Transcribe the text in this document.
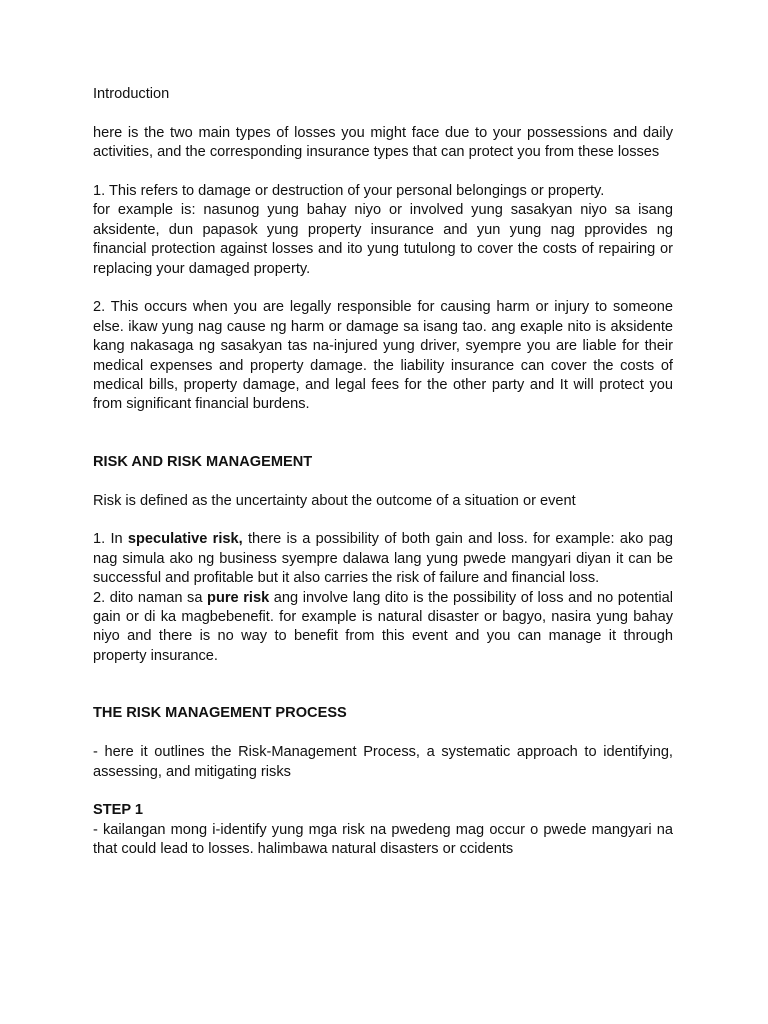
Introduction

here is the two main types of losses you might face due to your possessions and daily activities, and the corresponding insurance types that can protect you from these losses

1. This refers to damage or destruction of your personal belongings or property.

for example is: nasunog yung bahay niyo or involved yung sasakyan niyo sa isang aksidente, dun papasok yung property insurance and yun yung nag pprovides ng financial protection against losses and ito yung tutulong to cover the costs of repairing or replacing your damaged property.

2. This occurs when you are legally responsible for causing harm or injury to someone else. ikaw yung nag cause ng harm or damage sa isang tao. ang exaple nito is aksidente kang nakasaga ng sasakyan tas na-injured yung driver, syempre you are liable for their medical expenses and property damage. the liability insurance can cover the costs of medical bills, property damage, and legal fees for the other party and It will protect you from significant financial burdens.

RISK AND RISK MANAGEMENT

Risk is defined as the uncertainty about the outcome of a situation or event

1. In speculative risk, there is a possibility of both gain and loss. for example: ako pag nag simula ako ng business syempre dalawa lang yung pwede mangyari diyan it can be successful and profitable but it also carries the risk of failure and financial loss.

2. dito naman sa pure risk ang involve lang dito is the possibility of loss and no potential gain or di ka magbebenefit. for example is natural disaster or bagyo, nasira yung bahay niyo and there is no way to benefit from this event and you can manage it through property insurance.

THE RISK MANAGEMENT PROCESS

- here it outlines the Risk-Management Process, a systematic approach to identifying, assessing, and mitigating risks

STEP 1

- kailangan mong i-identify yung mga risk na pwedeng mag occur o pwede mangyari na that could lead to losses. halimbawa natural disasters or ccidents
